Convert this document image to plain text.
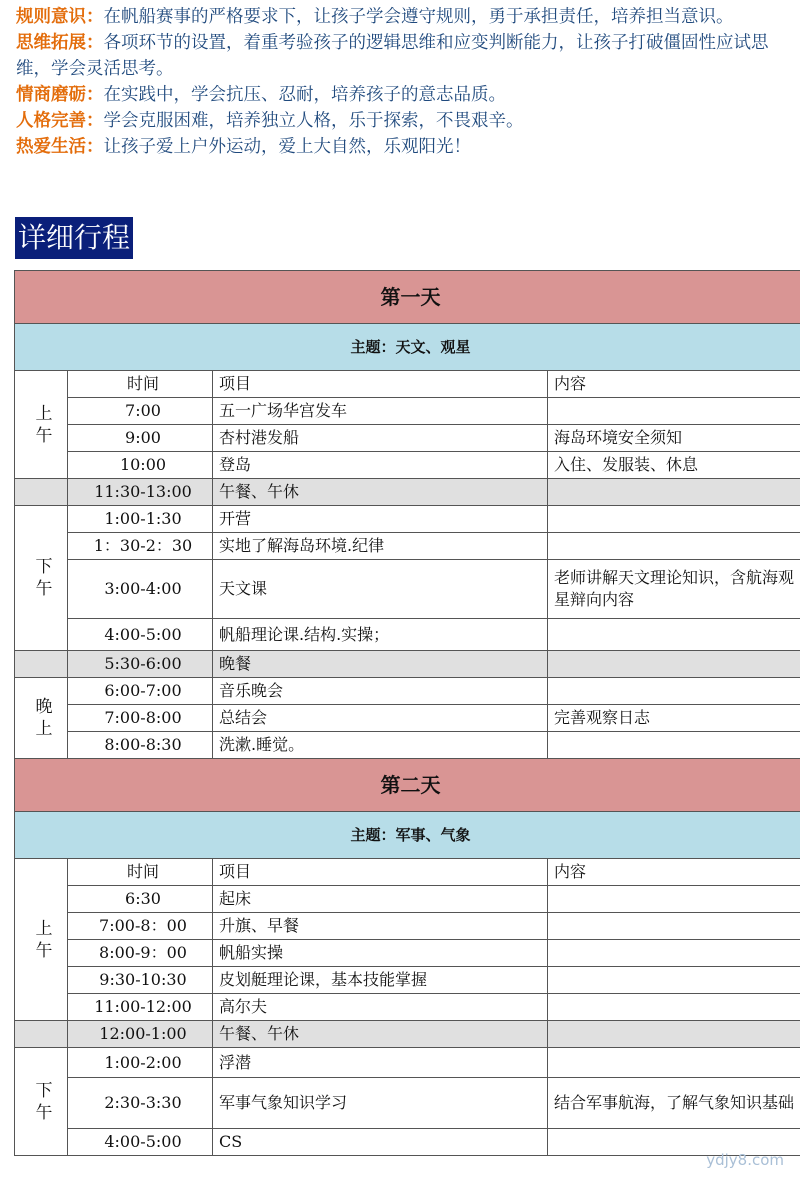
规则意识：在帆船赛事的严格要求下，让孩子学会遵守规则，勇于承担责任，培养担当意识。

思维拓展：各项环节的设置，着重考验孩子的逻辑思维和应变判断能力，让孩子打破僵固性应试思维，学会灵活思考。

情商磨砺：在实践中，学会抗压、忍耐，培养孩子的意志品质。

人格完善：学会克服困难，培养独立人格，乐于探索，不畏艰辛。

热爱生活：让孩子爱上户外运动，爱上大自然，乐观阳光！

详细行程
第一天			
主题：天文、观星			
上午	时间	项目	内容
	7:00	五一广场华宫发车	
	9:00	杏村港发船	海岛环境安全须知
	10:00	登岛	入住、发服装、休息
	11:30-13:00	午餐、午休	
下午	1:00-1:30	开营	
	1：30-2：30	实地了解海岛环境.纪律	
	3:00-4:00	天文课	老师讲解天文理论知识，含航海观星辩向内容
	4:00-5:00	帆船理论课.结构.实操；	
	5:30-6:00	晚餐	
晚上	6:00-7:00	音乐晚会	
	7:00-8:00	总结会	完善观察日志
	8:00-8:30	洗漱.睡觉。	
第二天			
主题：军事、气象			
上午	时间	项目	内容
	6:30	起床	
	7:00-8：00	升旗、早餐	
	8:00-9：00	帆船实操	
	9:30-10:30	皮划艇理论课，基本技能掌握	
	11:00-12:00	高尔夫	
	12:00-1:00	午餐、午休	
下午	1:00-2:00	浮潜	
	2:30-3:30	军事气象知识学习	结合军事航海，了解气象知识基础
	4:00-5:00	CS	
ydjy8.com
